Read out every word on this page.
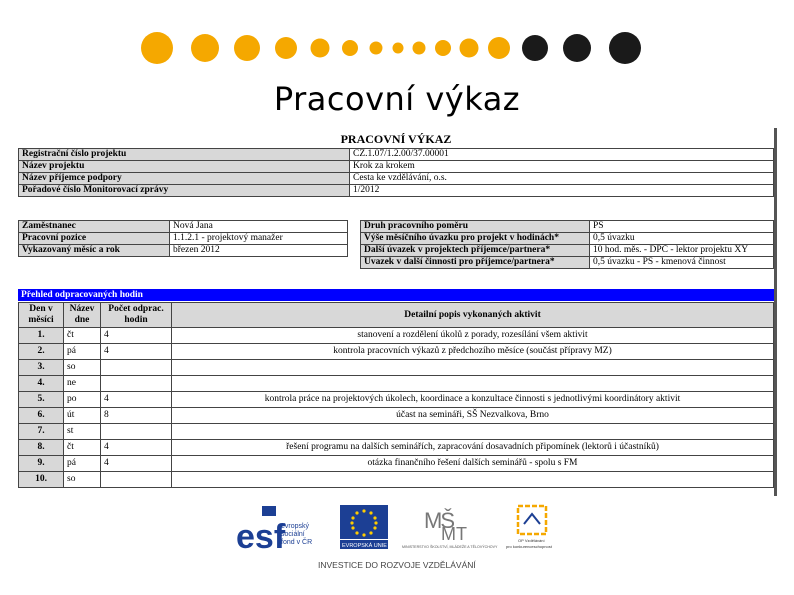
Pracovní výkaz
PRACOVNÍ VÝKAZ
Registrační číslo projektu	CZ.1.07/1.2.00/37.00001
Název projektu	Krok za krokem
Název příjemce podpory	Cesta ke vzdělávání, o.s.
Pořadové číslo Monitorovací zprávy	1/2012
Zaměstnanec	Nová Jana
Pracovní pozice	1.1.2.1 - projektový manažer
Vykazovaný měsíc a rok	březen 2012
Druh pracovního poměru	PS
Výše měsíčního úvazku pro projekt v hodinách*	0,5 úvazku
Další úvazek v projektech příjemce/partnera*	10 hod. měs. - DPČ - lektor projektu XY
Úvazek v další činnosti pro příjemce/partnera*	0,5 úvazku - PS - kmenová činnost
Přehled odpracovaných hodin
Den v měsíci	Název dne	Počet odprac. hodin	Detailní popis vykonaných aktivit
1.	čt	4	stanovení a rozdělení úkolů z porady, rozesílání všem aktivit
2.	pá	4	kontrola pracovních výkazů z předchozího měsíce (součást přípravy MZ)
3.	so		
4.	ne		
5.	po	4	kontrola práce na projektových úkolech, koordinace a konzultace činnosti s jednotlivými koordinátory aktivit
6.	út	8	účast na semináři, SŠ Nezvalkova, Brno
7.	st		
8.	čt	4	řešení programu na dalších seminářích, zapracování dosavadních připomínek (lektorů i účastníků)
9.	pá	4	otázka finančního řešení dalších seminářů - spolu s FM
10.	so		
esf
evropský
sociální
fond v ČR	EVROPSKÁ UNIE
MŠ
MT
MINISTERSTVO ŠKOLSTVÍ, MLÁDEŽE A TĚLOVÝCHOVY
OP Vzdělávání
pro konkurenceschopnost
INVESTICE DO ROZVOJE VZDĚLÁVÁNÍ
